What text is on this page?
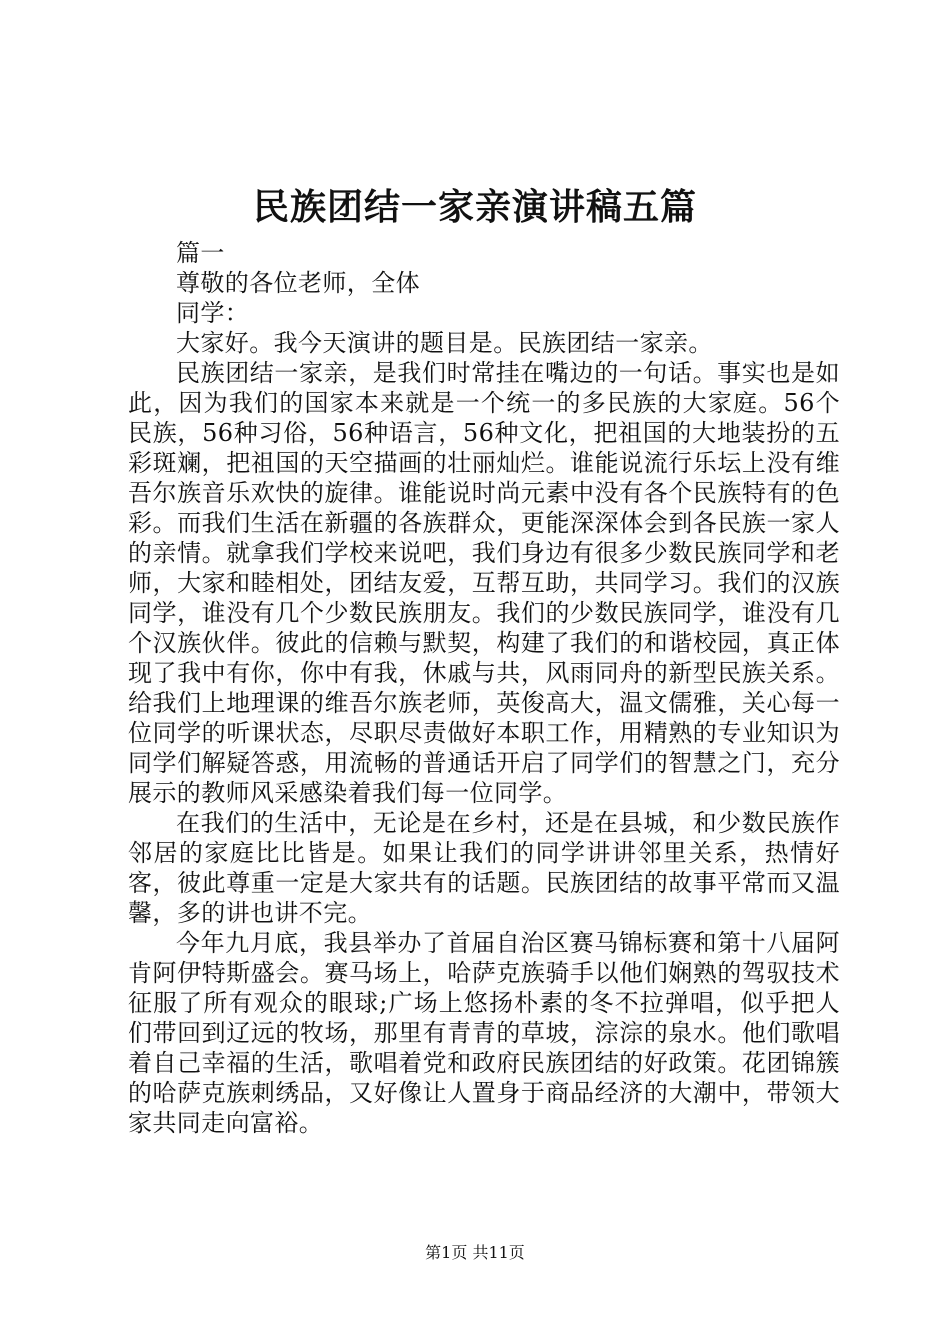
民族团结一家亲演讲稿五篇

篇一

尊敬的各位老师，全体

同学：

大家好。我今天演讲的题目是。民族团结一家亲。

民族团结一家亲，是我们时常挂在嘴边的一句话。事实也是如此，因为我们的国家本来就是一个统一的多民族的大家庭。56个民族，56种习俗，56种语言，56种文化，把祖国的大地装扮的五彩斑斓，把祖国的天空描画的壮丽灿烂。谁能说流行乐坛上没有维吾尔族音乐欢快的旋律。谁能说时尚元素中没有各个民族特有的色彩。而我们生活在新疆的各族群众，更能深深体会到各民族一家人的亲情。就拿我们学校来说吧，我们身边有很多少数民族同学和老师，大家和睦相处，团结友爱，互帮互助，共同学习。我们的汉族同学，谁没有几个少数民族朋友。我们的少数民族同学，谁没有几个汉族伙伴。彼此的信赖与默契，构建了我们的和谐校园，真正体现了我中有你，你中有我，休戚与共，风雨同舟的新型民族关系。给我们上地理课的维吾尔族老师，英俊高大，温文儒雅，关心每一位同学的听课状态，尽职尽责做好本职工作，用精熟的专业知识为同学们解疑答惑，用流畅的普通话开启了同学们的智慧之门，充分展示的教师风采感染着我们每一位同学。

在我们的生活中，无论是在乡村，还是在县城，和少数民族作邻居的家庭比比皆是。如果让我们的同学讲讲邻里关系，热情好客，彼此尊重一定是大家共有的话题。民族团结的故事平常而又温馨，多的讲也讲不完。

今年九月底，我县举办了首届自治区赛马锦标赛和第十八届阿肯阿伊特斯盛会。赛马场上，哈萨克族骑手以他们娴熟的驾驭技术征服了所有观众的眼球;广场上悠扬朴素的冬不拉弹唱，似乎把人们带回到辽远的牧场，那里有青青的草坡，淙淙的泉水。他们歌唱着自己幸福的生活，歌唱着党和政府民族团结的好政策。花团锦簇的哈萨克族刺绣品，又好像让人置身于商品经济的大潮中，带领大家共同走向富裕。

第1页 共11页
